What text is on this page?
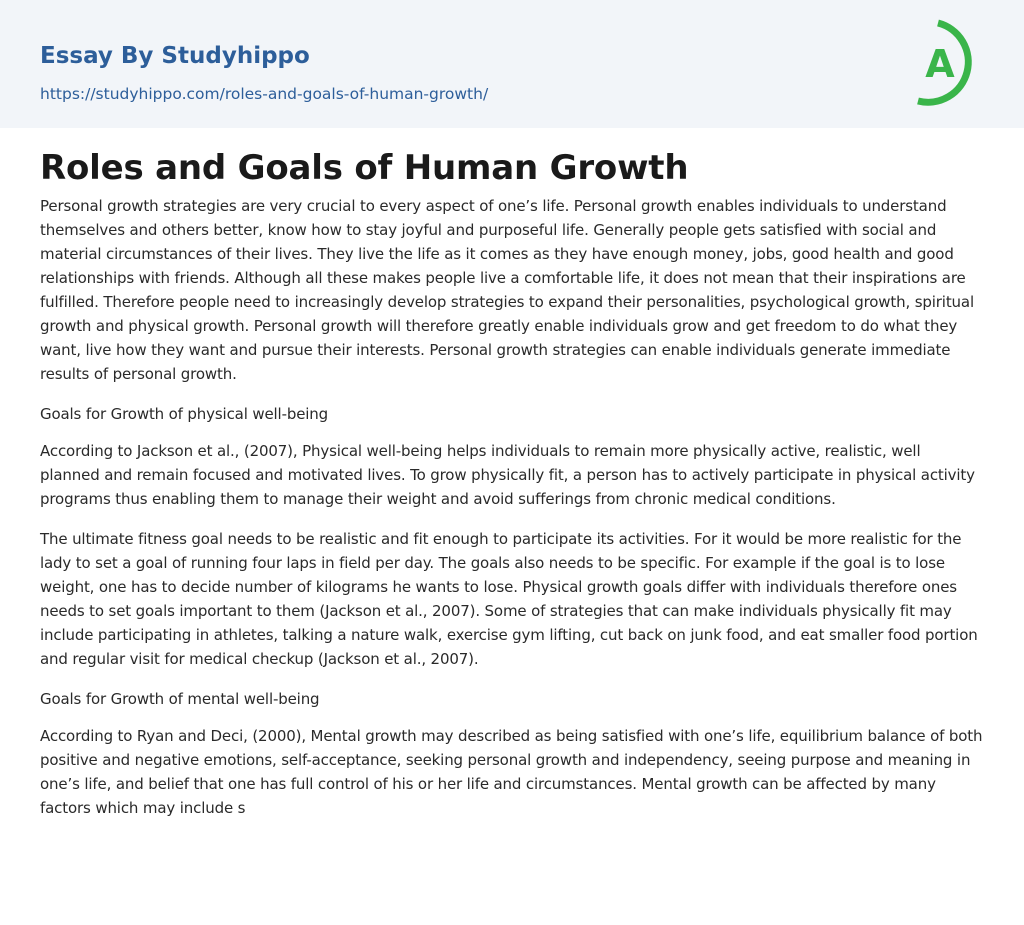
Essay By Studyhippo
https://studyhippo.com/roles-and-goals-of-human-growth/
A
Roles and Goals of Human Growth

Personal growth strategies are very crucial to every aspect of one’s life. Personal growth enables individuals to understand themselves and others better, know how to stay joyful and purposeful life. Generally people gets satisfied with social and material circumstances of their lives. They live the life as it comes as they have enough money, jobs, good health and good relationships with friends. Although all these makes people live a comfortable life, it does not mean that their inspirations are fulfilled. Therefore people need to increasingly develop strategies to expand their personalities, psychological growth, spiritual growth and physical growth. Personal growth will therefore greatly enable individuals grow and get freedom to do what they want, live how they want and pursue their interests. Personal growth strategies can enable individuals generate immediate results of personal growth.

Goals for Growth of physical well-being

According to Jackson et al., (2007), Physical well-being helps individuals to remain more physically active, realistic, well planned and remain focused and motivated lives. To grow physically fit, a person has to actively participate in physical activity programs thus enabling them to manage their weight and avoid sufferings from chronic medical conditions.

The ultimate fitness goal needs to be realistic and fit enough to participate its activities. For it would be more realistic for the lady to set a goal of running four laps in field per day. The goals also needs to be specific. For example if the goal is to lose weight, one has to decide number of kilograms he wants to lose. Physical growth goals differ with individuals therefore ones needs to set goals important to them (Jackson et al., 2007). Some of strategies that can make individuals physically fit may include participating in athletes, talking a nature walk, exercise gym lifting, cut back on junk food, and eat smaller food portion and regular visit for medical checkup (Jackson et al., 2007).

Goals for Growth of mental well-being

According to Ryan and Deci, (2000), Mental growth may described as being satisfied with one’s life, equilibrium balance of both positive and negative emotions, self-acceptance, seeking personal growth and independency, seeing purpose and meaning in one’s life, and belief that one has full control of his or her life and circumstances. Mental growth can be affected by many factors which may include s
